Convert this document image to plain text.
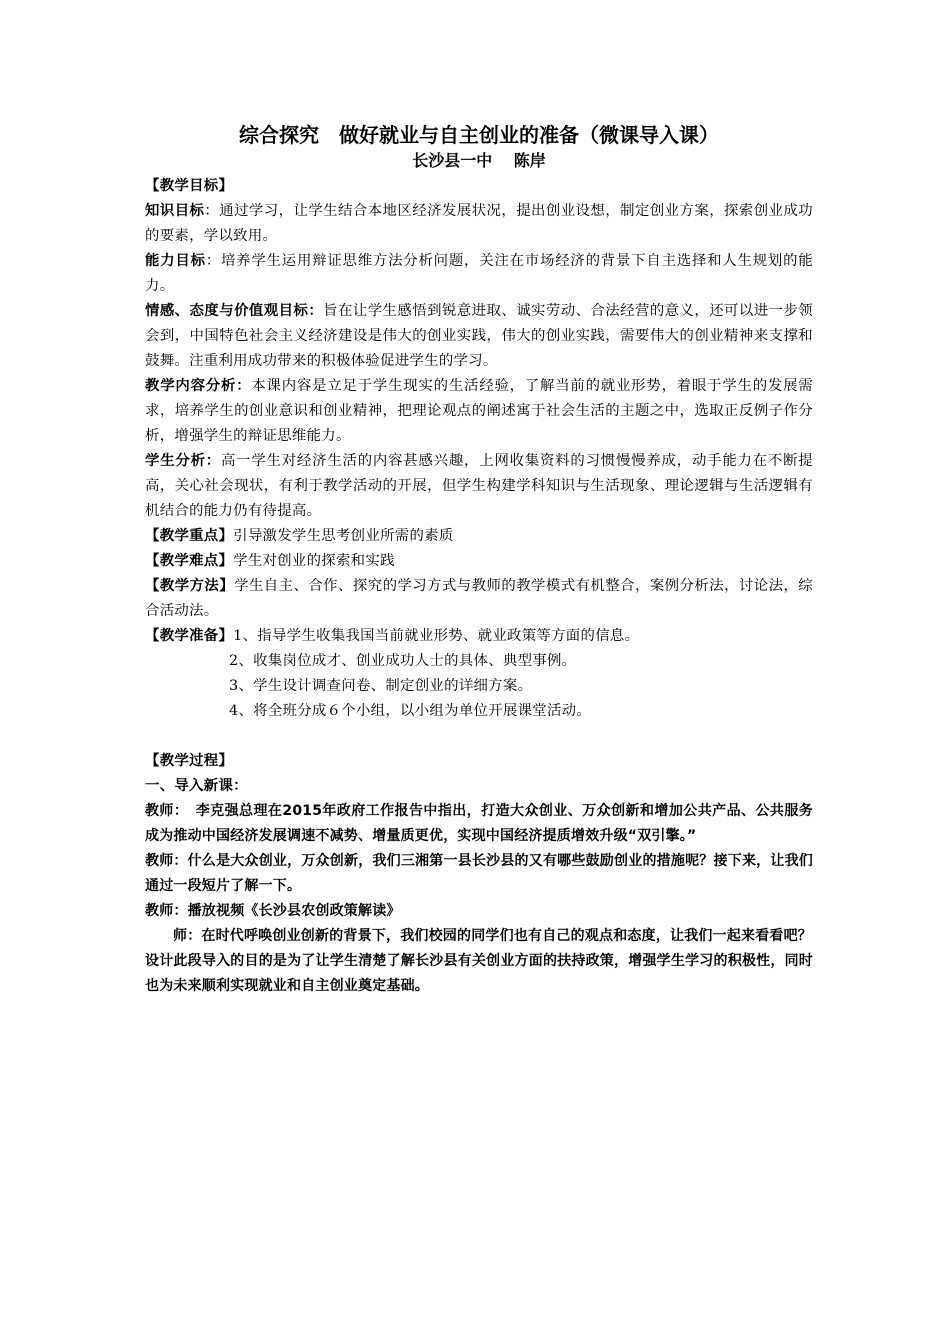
综合探究　做好就业与自主创业的准备（微课导入课）
长沙县一中　 陈岸

【教学目标】

知识目标：通过学习，让学生结合本地区经济发展状况，提出创业设想，制定创业方案，探索创业成功的要素，学以致用。

能力目标：培养学生运用辩证思维方法分析问题，关注在市场经济的背景下自主选择和人生规划的能力。

情感、态度与价值观目标：旨在让学生感悟到锐意进取、诚实劳动、合法经营的意义，还可以进一步领会到，中国特色社会主义经济建设是伟大的创业实践，伟大的创业实践，需要伟大的创业精神来支撑和鼓舞。注重利用成功带来的积极体验促进学生的学习。

教学内容分析：本课内容是立足于学生现实的生活经验，了解当前的就业形势，着眼于学生的发展需求，培养学生的创业意识和创业精神，把理论观点的阐述寓于社会生活的主题之中，选取正反例子作分析，增强学生的辩证思维能力。

学生分析：高一学生对经济生活的内容甚感兴趣，上网收集资料的习惯慢慢养成，动手能力在不断提高，关心社会现状，有利于教学活动的开展，但学生构建学科知识与生活现象、理论逻辑与生活逻辑有机结合的能力仍有待提高。

【教学重点】引导激发学生思考创业所需的素质

【教学难点】学生对创业的探索和实践

【教学方法】学生自主、合作、探究的学习方式与教师的教学模式有机整合，案例分析法，讨论法，综合活动法。

【教学准备】1、指导学生收集我国当前就业形势、就业政策等方面的信息。

2、收集岗位成才、创业成功人士的具体、典型事例。

3、学生设计调查问卷、制定创业的详细方案。

4、将全班分成６个小组，以小组为单位开展课堂活动。

【教学过程】

一、导入新课：

教师：　李克强总理在2015年政府工作报告中指出，打造大众创业、万众创新和增加公共产品、公共服务成为推动中国经济发展调速不减势、增量质更优，实现中国经济提质增效升级“双引擎。”

教师：什么是大众创业，万众创新，我们三湘第一县长沙县的又有哪些鼓励创业的措施呢？接下来，让我们通过一段短片了解一下。

教师：播放视频《长沙县农创政策解读》

师：在时代呼唤创业创新的背景下，我们校园的同学们也有自己的观点和态度，让我们一起来看看吧？

设计此段导入的目的是为了让学生清楚了解长沙县有关创业方面的扶持政策，增强学生学习的积极性，同时也为未来顺利实现就业和自主创业奠定基础。
